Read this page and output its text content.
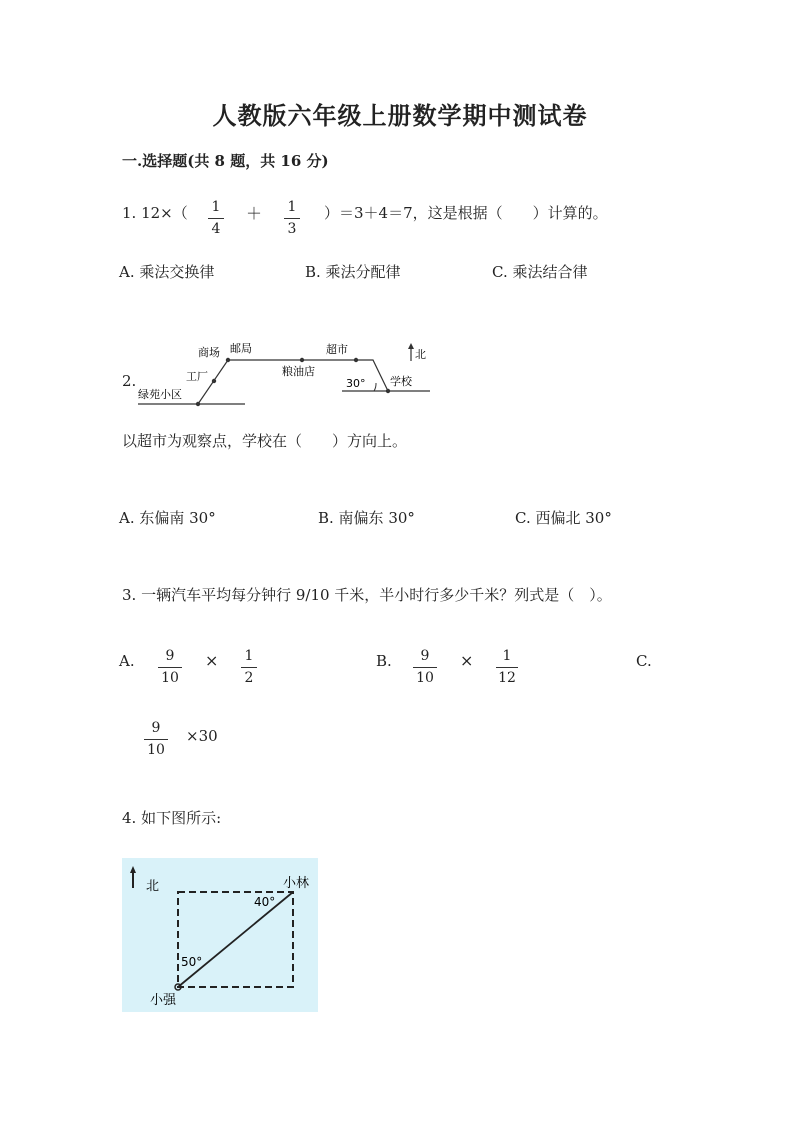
人教版六年级上册数学期中测试卷
一.选择题(共 8 题，共 16 分)
1. 12×（ 1
4
＋ 1
3
）＝3＋4＝7，这是根据（　　）计算的。
A. 乘法交换律	B. 乘法分配律	C. 乘法结合律
2.
商场 邮局
工厂	粮油店
超市	北
30° 学校
绿苑小区
以超市为观察点，学校在（　　）方向上。
A. 东偏南 30°	B. 南偏东 30°	C. 西偏北 30°
3. 一辆汽车平均每分钟行 9/10 千米，半小时行多少千米？列式是（　）。
A.	9
10
× 1
2
B.	9
10
×	1
12
C.
9
10
×30
4. 如下图所示:
北	小林
小强
40°
50°
